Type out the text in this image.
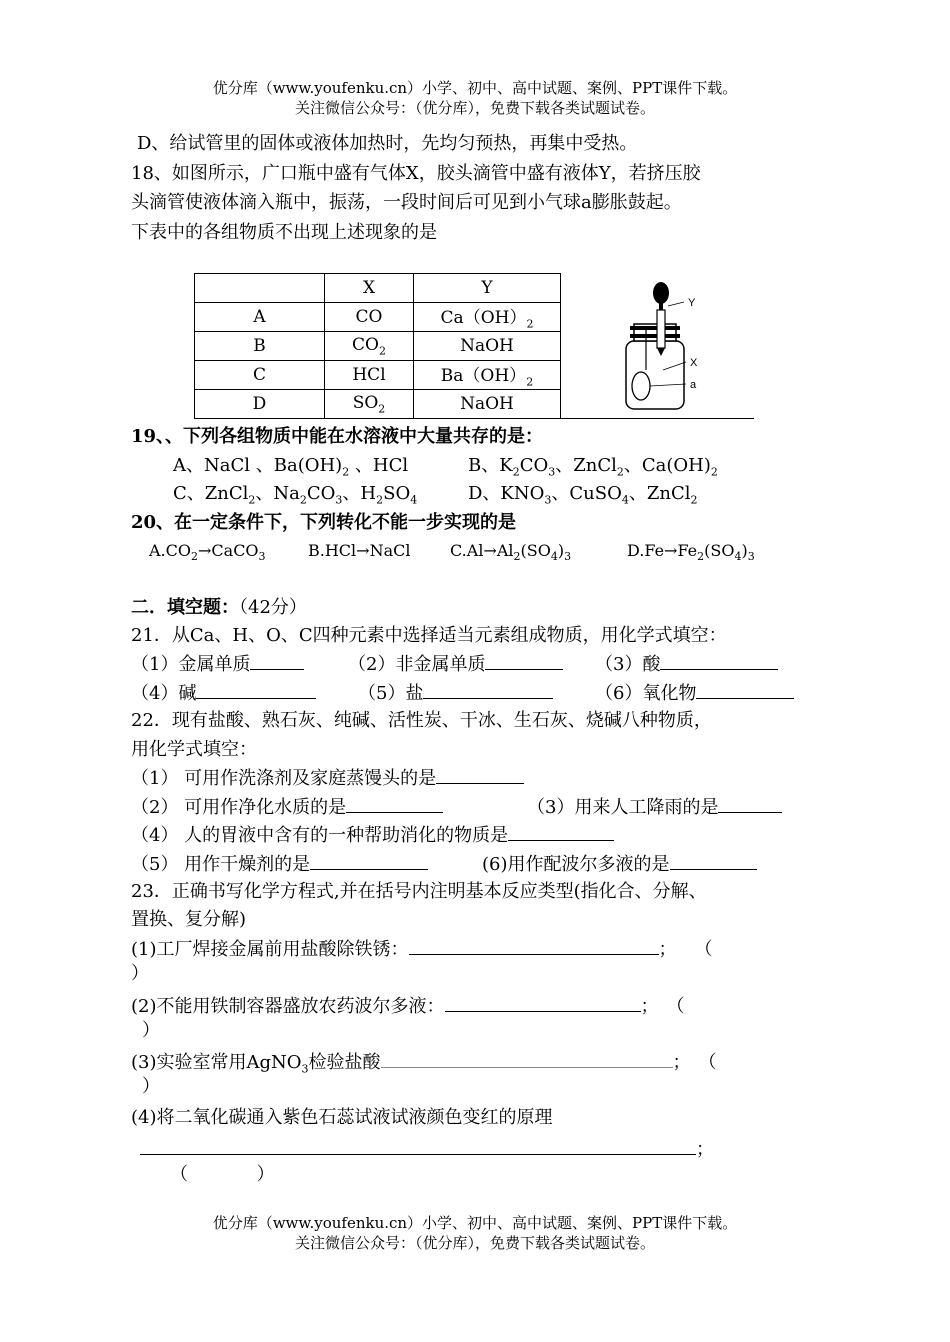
优分库（www.youfenku.cn）小学、初中、高中试题、案例、PPT课件下载。
关注微信公众号：（优分库），免费下载各类试题试卷。
D、给试管里的固体或液体加热时，先均匀预热，再集中受热。
18、如图所示，广口瓶中盛有气体X，胶头滴管中盛有液体Y，若挤压胶
头滴管使液体滴入瓶中，振荡，一段时间后可见到小气球a膨胀鼓起。
下表中的各组物质不出现上述现象的是
	X	Y
A	CO	$Ca(OH)_2$
B	$CO_2$	NaOH
C	HCl	$Ba(OH)_2$
D	$SO_2$	NaOH
Y
X
a
19、、下列各组物质中能在水溶液中大量共存的是：
A、NaCl 、$Ba(OH)_2$ 、HCl	B、$K_2CO_3$、ZnCl$_2$、$Ca(OH)_2$
C、ZnCl$_2$、$Na_2CO_3$、$H_2SO_4$	D、$KNO_3$、CuSO$_4$、ZnCl$_2$
20、在一定条件下，下列转化不能一步实现的是
$A.CO_2\to CaCO_3$	B.HCl→NaCl $C.Al\to Al_2(SO_4)_3$	$D.Fe\to Fe_2(SO_4)_3$
二．填空题：（42分）
21．从Ca、H、O、C四种元素中选择适当元素组成物质，用化学式填空：
（1）金属单质	（2）非金属单质	（3）酸
（4）碱	（5）盐	（6）氧化物
22．现有盐酸、熟石灰、纯碱、活性炭、干冰、生石灰、烧碱八种物质，
用化学式填空：
（1） 可用作洗涤剂及家庭蒸馒头的是
（2） 可用作净化水质的是	（3）用来人工降雨的是
（4） 人的胃液中含有的一种帮助消化的物质是
（5） 用作干燥剂的是	(6)用作配波尔多液的是
23．正确书写化学方程式,并在括号内注明基本反应类型(指化合、分解、
置换、复分解)
(1)工厂焊接金属前用盐酸除铁锈：	； （
）
(2)不能用铁制容器盛放农药波尔多液：	； （
）
(3)实验室常用AgNO$_3$检验盐酸	； （
）
(4)将二氧化碳通入紫色石蕊试液试液颜色变红的原理
；
（            ）
优分库（www.youfenku.cn）小学、初中、高中试题、案例、PPT课件下载。
关注微信公众号：（优分库），免费下载各类试题试卷。
